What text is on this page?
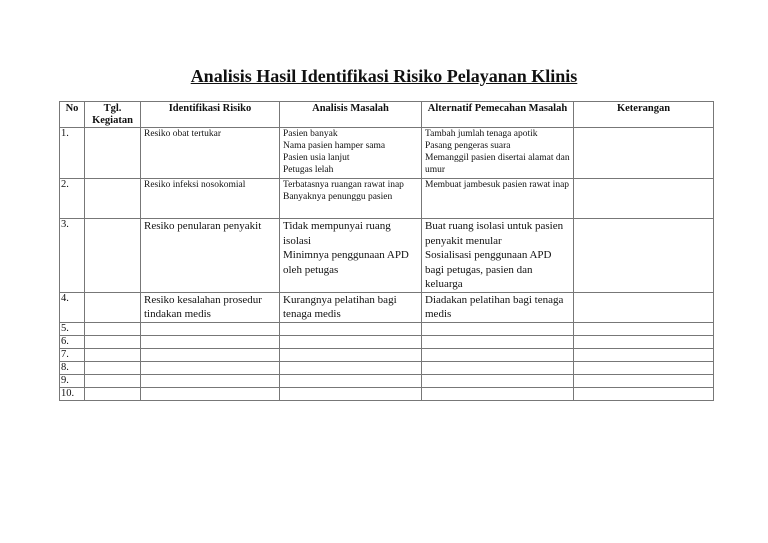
Analisis Hasil Identifikasi Risiko Pelayanan Klinis
No	Tgl. Kegiatan	Identifikasi Risiko	Analisis Masalah	Alternatif Pemecahan Masalah	Keterangan
1.		Resiko obat tertukar	Pasien banyak
Nama pasien hamper sama
Pasien usia lanjut
Petugas lelah	Tambah jumlah tenaga apotik
Pasang pengeras suara
Memanggil pasien disertai alamat dan umur

2.		Resiko infeksi nosokomial	Terbatasnya ruangan rawat inap
Banyaknya penunggu pasien	Membuat jambesuk pasien rawat inap

3.		Resiko penularan penyakit	Tidak mempunyai ruang isolasi
Minimnya penggunaan APD oleh petugas	Buat ruang isolasi untuk pasien penyakit menular
Sosialisasi penggunaan APD bagi petugas, pasien dan keluarga

4.		Resiko kesalahan prosedur tindakan medis	Kurangnya pelatihan bagi tenaga medis	Diadakan pelatihan bagi tenaga medis

5.					
6.					
7.					
8.					
9.					
10.					
